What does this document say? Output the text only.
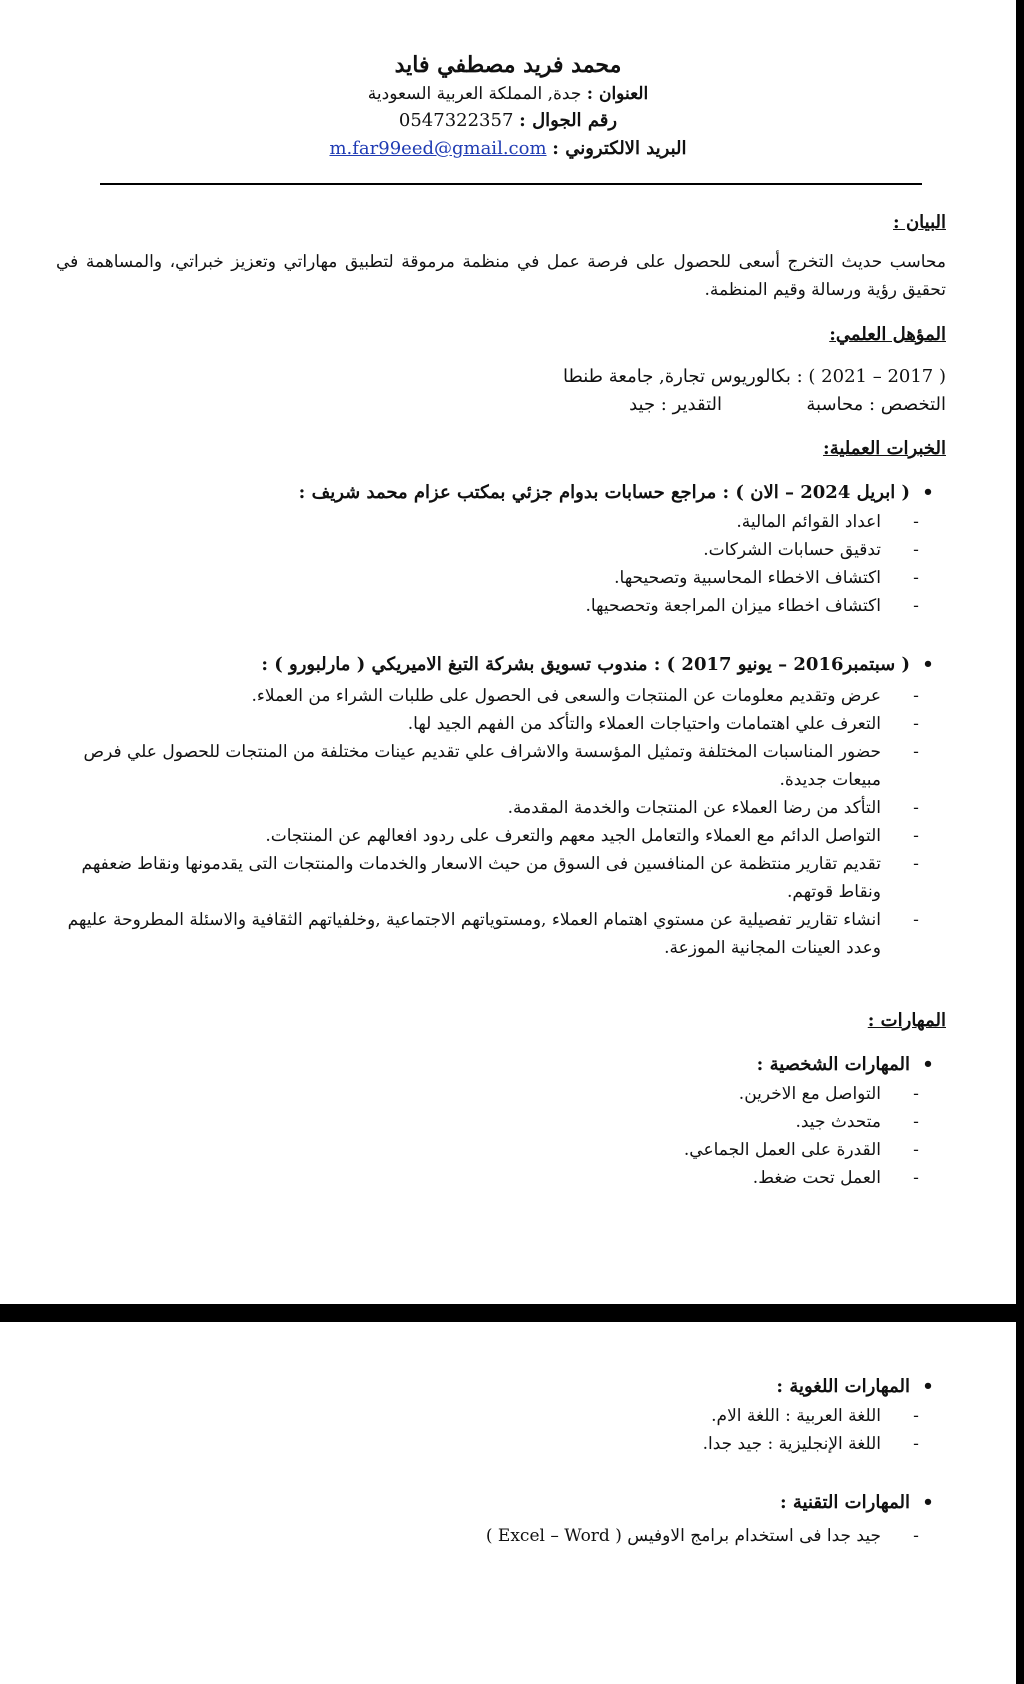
محمد فريد مصطفي فايد
العنوان : جدة, المملكة العربية السعودية
رقم الجوال : 0547322357
البريد الالكتروني : m.far99eed@gmail.com
البيان :
محاسب حديث التخرج أسعى للحصول على فرصة عمل في منظمة مرموقة لتطبيق مهاراتي وتعزيز خبراتي، والمساهمة في تحقيق رؤية ورسالة وقيم المنظمة.
المؤهل العلمي:
( 2017 – 2021 ) : بكالوريوس تجارة, جامعة طنطا
التخصص : محاسبة
التقدير : جيد
الخبرات العملية:
•( ابريل 2024 – الان ) : مراجع حسابات بدوام جزئي بمكتب عزام محمد شريف :
-
اعداد القوائم المالية.
-
تدقيق حسابات الشركات.
-
اكتشاف الاخطاء المحاسبية وتصحيحها.
-
اكتشاف اخطاء ميزان المراجعة وتحصحيها.
•( سبتمبر2016 – يونيو 2017 ) : مندوب تسويق بشركة التبغ الاميريكي ( مارلبورو ) :
-
عرض وتقديم معلومات عن المنتجات والسعى فى الحصول على طلبات الشراء من العملاء.
-
التعرف علي اهتمامات واحتياجات العملاء والتأكد من الفهم الجيد لها.
-
حضور المناسبات المختلفة وتمثيل المؤسسة والاشراف علي تقديم عينات مختلفة من المنتجات للحصول علي فرص مبيعات جديدة.
-
التأكد من رضا العملاء عن المنتجات والخدمة المقدمة.
-
التواصل الدائم مع العملاء والتعامل الجيد معهم والتعرف على ردود افعالهم عن المنتجات.
-
تقديم تقارير منتظمة عن المنافسين فى السوق من حيث الاسعار والخدمات والمنتجات التى يقدمونها ونقاط ضعفهم ونقاط قوتهم.
-
انشاء تقارير تفصيلية عن مستوي اهتمام العملاء ,ومستوياتهم الاجتماعية ,وخلفياتهم الثقافية والاسئلة المطروحة عليهم وعدد العينات المجانية الموزعة.
المهارات :
•المهارات الشخصية :
-
التواصل مع الاخرين.
-
متحدث جيد.
-
القدرة على العمل الجماعي.
-
العمل تحت ضغط.
•المهارات اللغوية :
-
اللغة العربية : اللغة الام.
-
اللغة الإنجليزية : جيد جدا.
•المهارات التقنية :
-
جيد جدا فى استخدام برامج الاوفيس ( Excel – Word )
